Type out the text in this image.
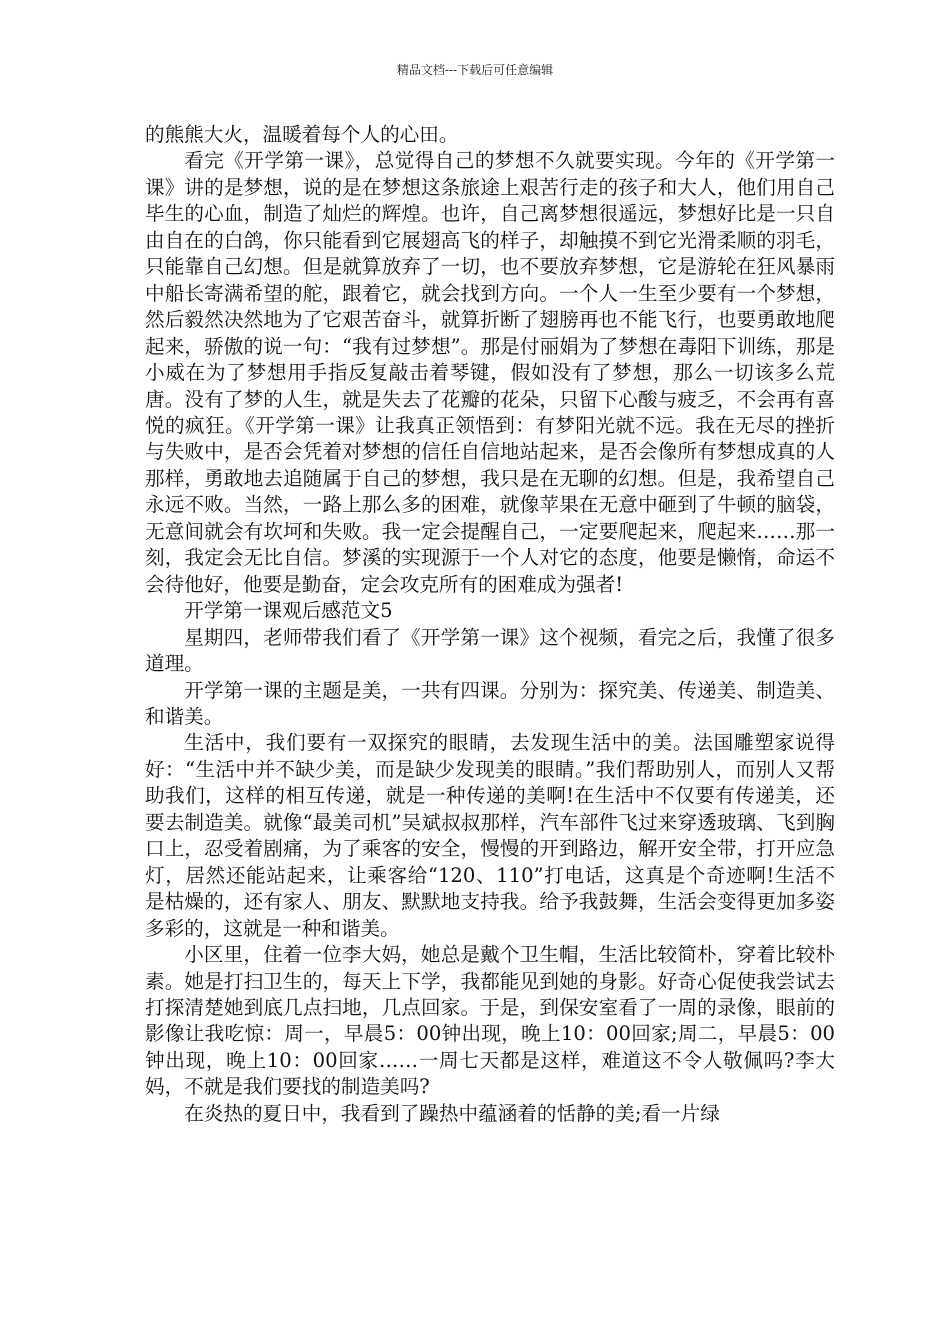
精品文档---下载后可任意编辑

的熊熊大火，温暖着每个人的心田。

看完《开学第一课》，总觉得自己的梦想不久就要实现。今年的《开学第一课》讲的是梦想，说的是在梦想这条旅途上艰苦行走的孩子和大人，他们用自己毕生的心血，制造了灿烂的辉煌。也许，自己离梦想很遥远，梦想好比是一只自由自在的白鸽，你只能看到它展翅高飞的样子，却触摸不到它光滑柔顺的羽毛，只能靠自己幻想。但是就算放弃了一切，也不要放弃梦想，它是游轮在狂风暴雨中船长寄满希望的舵，跟着它，就会找到方向。一个人一生至少要有一个梦想，然后毅然决然地为了它艰苦奋斗，就算折断了翅膀再也不能飞行，也要勇敢地爬起来，骄傲的说一句：“我有过梦想”。那是付丽娟为了梦想在毒阳下训练，那是小威在为了梦想用手指反复敲击着琴键，假如没有了梦想，那么一切该多么荒唐。没有了梦的人生，就是失去了花瓣的花朵，只留下心酸与疲乏，不会再有喜悦的疯狂。《开学第一课》让我真正领悟到：有梦阳光就不远。我在无尽的挫折与失败中，是否会凭着对梦想的信任自信地站起来，是否会像所有梦想成真的人那样，勇敢地去追随属于自己的梦想，我只是在无聊的幻想。但是，我希望自己永远不败。当然，一路上那么多的困难，就像苹果在无意中砸到了牛顿的脑袋，无意间就会有坎坷和失败。我一定会提醒自己，一定要爬起来，爬起来……那一刻，我定会无比自信。梦溪的实现源于一个人对它的态度，他要是懒惰，命运不会待他好，他要是勤奋，定会攻克所有的困难成为强者!

开学第一课观后感范文5

星期四，老师带我们看了《开学第一课》这个视频，看完之后，我懂了很多道理。

开学第一课的主题是美，一共有四课。分别为：探究美、传递美、制造美、和谐美。

生活中，我们要有一双探究的眼睛，去发现生活中的美。法国雕塑家说得好：“生活中并不缺少美，而是缺少发现美的眼睛。”我们帮助别人，而别人又帮助我们，这样的相互传递，就是一种传递的美啊!在生活中不仅要有传递美，还要去制造美。就像“最美司机”吴斌叔叔那样，汽车部件飞过来穿透玻璃、飞到胸口上，忍受着剧痛，为了乘客的安全，慢慢的开到路边，解开安全带，打开应急灯，居然还能站起来，让乘客给“120、110”打电话，这真是个奇迹啊!生活不是枯燥的，还有家人、朋友、默默地支持我。给予我鼓舞，生活会变得更加多姿多彩的，这就是一种和谐美。

小区里，住着一位李大妈，她总是戴个卫生帽，生活比较简朴，穿着比较朴素。她是打扫卫生的，每天上下学，我都能见到她的身影。好奇心促使我尝试去打探清楚她到底几点扫地，几点回家。于是，到保安室看了一周的录像，眼前的影像让我吃惊：周一，早晨5：00钟出现，晚上10：00回家;周二，早晨5：00钟出现，晚上10：00回家……一周七天都是这样，难道这不令人敬佩吗?李大妈，不就是我们要找的制造美吗?

在炎热的夏日中，我看到了躁热中蕴涵着的恬静的美;看一片绿
